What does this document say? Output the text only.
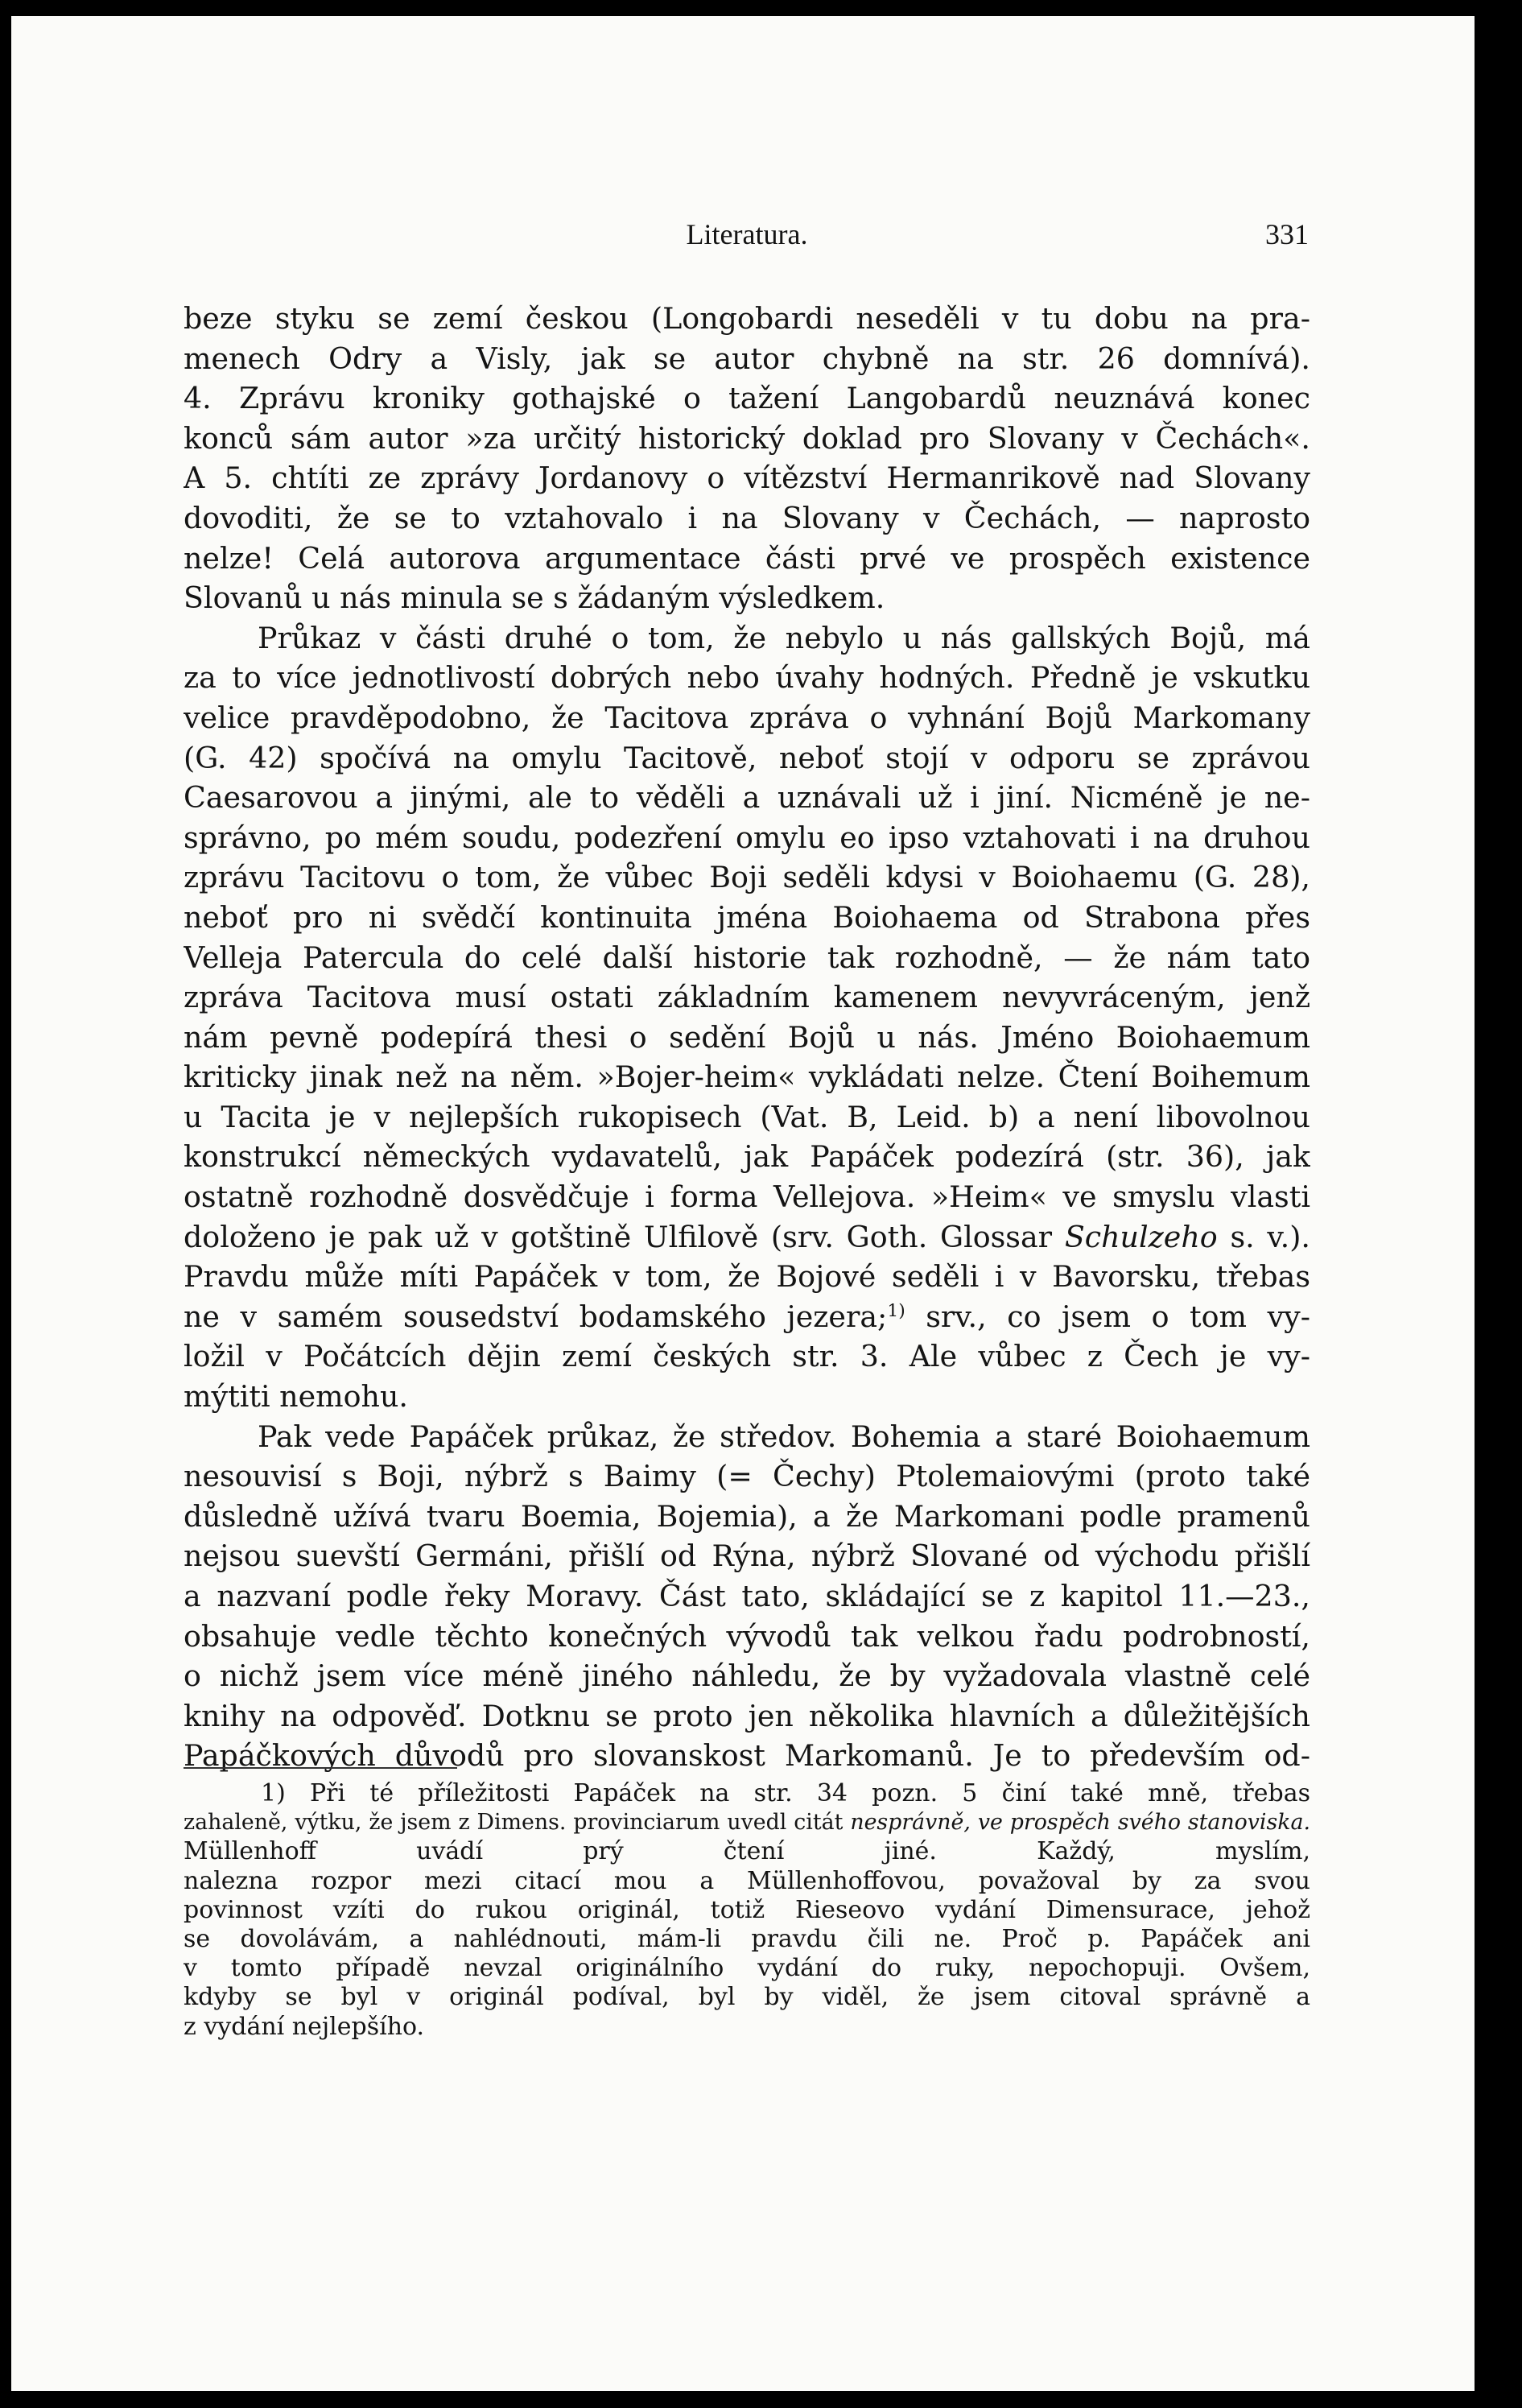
Literatura.	331
beze styku se zemí českou (Longobardi neseděli v tu dobu na pra-
menech Odry a Visly, jak se autor chybně na str. 26 domnívá).
4. Zprávu kroniky gothajské o tažení Langobardů neuznává konec
konců sám autor »za určitý historický doklad pro Slovany v Čechách«.
A 5. chtíti ze zprávy Jordanovy o vítězství Hermanrikově nad Slovany
dovoditi, že se to vztahovalo i na Slovany v Čechách, — naprosto
nelze! Celá autorova argumentace části prvé ve prospěch existence
Slovanů u nás minula se s žádaným výsledkem.
Průkaz v části druhé o tom, že nebylo u nás gallských Bojů, má
za to více jednotlivostí dobrých nebo úvahy hodných. Předně je vskutku
velice pravděpodobno, že Tacitova zpráva o vyhnání Bojů Markomany
(G. 42) spočívá na omylu Tacitově, neboť stojí v odporu se zprávou
Caesarovou a jinými, ale to věděli a uznávali už i jiní. Nicméně je ne-
správno, po mém soudu, podezření omylu eo ipso vztahovati i na druhou
zprávu Tacitovu o tom, že vůbec Boji seděli kdysi v Boiohaemu (G. 28),
neboť pro ni svědčí kontinuita jména Boiohaema od Strabona přes
Velleja Patercula do celé další historie tak rozhodně, — že nám tato
zpráva Tacitova musí ostati základním kamenem nevyvráceným, jenž
nám pevně podepírá thesi o sedění Bojů u nás. Jméno Boiohaemum
kriticky jinak než na něm. »Bojer-heim« vykládati nelze. Čtení Boihemum
u Tacita je v nejlepších rukopisech (Vat. B, Leid. b) a není libovolnou
konstrukcí německých vydavatelů, jak Papáček podezírá (str. 36), jak
ostatně rozhodně dosvědčuje i forma Vellejova. »Heim« ve smyslu vlasti
doloženo je pak už v gotštině Ulfilově (srv. Goth. Glossar Schulzeho s. v.).
Pravdu může míti Papáček v tom, že Bojové seděli i v Bavorsku, třebas
ne v samém sousedství bodamského jezera;$^{1)}$ srv., co jsem o tom vy-
ložil v Počátcích dějin zemí českých str. 3. Ale vůbec z Čech je vy-
mýtiti nemohu.
Pak vede Papáček průkaz, že středov. Bohemia a staré Boiohaemum
nesouvisí s Boji, nýbrž s Baimy (= Čechy) Ptolemaiovými (proto také
důsledně užívá tvaru Boemia, Bojemia), a že Markomani podle pramenů
nejsou suevští Germáni, přišlí od Rýna, nýbrž Slované od východu přišlí
a nazvaní podle řeky Moravy. Část tato, skládající se z kapitol 11.—23.,
obsahuje vedle těchto konečných vývodů tak velkou řadu podrobností,
o nichž jsem více méně jiného náhledu, že by vyžadovala vlastně celé
knihy na odpověď. Dotknu se proto jen několika hlavních a důležitějších
Papáčkových důvodů pro slovanskost Markomanů. Je to především od-
1) Při té příležitosti Papáček na str. 34 pozn. 5 činí také mně, třebas
zahaleně, výtku, že jsem z Dimens. provinciarum uvedl citát nesprávně, ve prospěch svého stanoviska.
Müllenhoff uvádí prý čtení jiné. Každý, myslím,
nalezna rozpor mezi citací mou a Müllenhoffovou, považoval by za svou
povinnost vzíti do rukou originál, totiž Rieseovo vydání Dimensurace, jehož
se dovolávám, a nahlédnouti, mám-li pravdu čili ne. Proč p. Papáček ani
v tomto případě nevzal originálního vydání do ruky, nepochopuji. Ovšem,
kdyby se byl v originál podíval, byl by viděl, že jsem citoval správně a
z vydání nejlepšího.
